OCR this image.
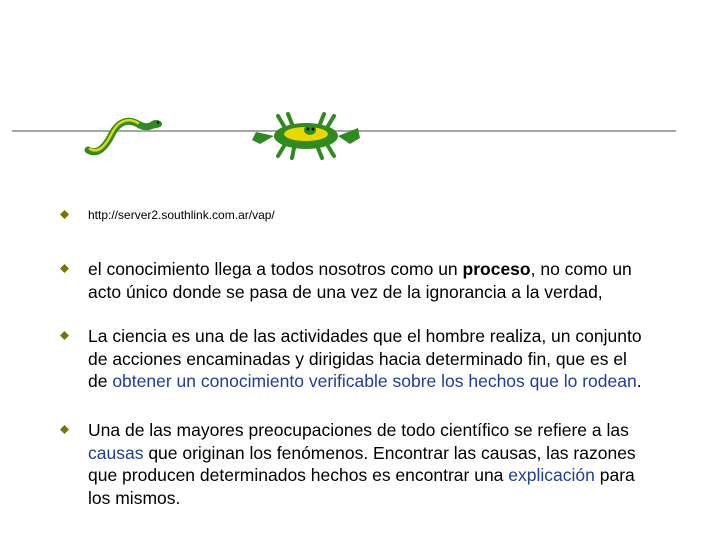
http://server2.southlink.com.ar/vap/
el conocimiento llega a todos nosotros como un proceso, no como un acto único donde se pasa de una vez de la ignorancia a la verdad,
La ciencia es una de las actividades que el hombre realiza, un conjunto de acciones encaminadas y dirigidas hacia determinado fin, que es el de obtener un conocimiento verificable sobre los hechos que lo rodean.
Una de las mayores preocupaciones de todo científico se refiere a las causas que originan los fenómenos. Encontrar las causas, las razones que producen determinados hechos es encontrar una explicación para los mismos.
